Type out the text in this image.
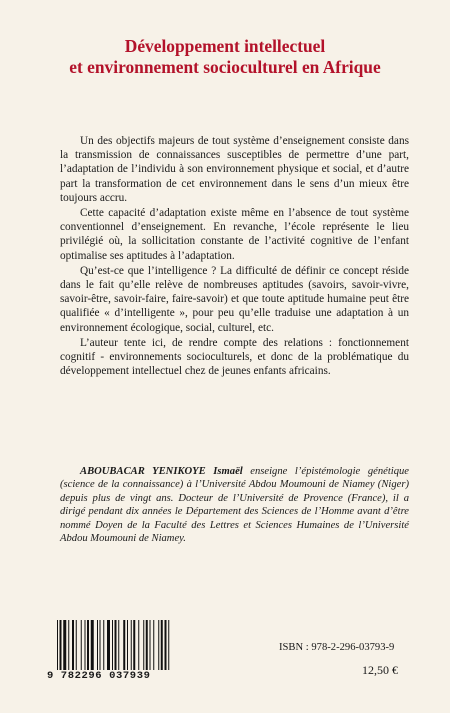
Développement intellectuel
et environnement socioculturel en Afrique

Un des objectifs majeurs de tout système d’enseignement consiste dans la transmission de connaissances susceptibles de permettre d’une part, l’adaptation de l’individu à son environnement physique et social, et d’autre part la transformation de cet environnement dans le sens d’un mieux être toujours accru.

Cette capacité d’adaptation existe même en l’absence de tout système conventionnel d’enseignement. En revanche, l’école représente le lieu privilégié où, la sollicitation constante de l’activité cognitive de l’enfant optimalise ses aptitudes à l’adaptation.

Qu’est-ce que l’intelligence ? La difficulté de définir ce concept réside dans le fait qu’elle relève de nombreuses aptitudes (savoirs, savoir-vivre, savoir-être, savoir-faire, faire-savoir) et que toute aptitude humaine peut être qualifiée « d’intelligente », pour peu qu’elle traduise une adaptation à un environnement écologique, social, culturel, etc.

L’auteur tente ici, de rendre compte des relations : fonctionnement cognitif - environnements socioculturels, et donc de la problématique du développement intellectuel chez de jeunes enfants africains.

ABOUBACAR YENIKOYE Ismaël enseigne l’épistémologie génétique (science de la connaissance) à l’Université Abdou Moumouni de Niamey (Niger) depuis plus de vingt ans. Docteur de l’Université de Provence (France), il a dirigé pendant dix années le Département des Sciences de l’Homme avant d’être nommé Doyen de la Faculté des Lettres et Sciences Humaines de l’Université Abdou Moumouni de Niamey.
9 782296 037939
ISBN : 978-2-296-03793-9
12,50 €
